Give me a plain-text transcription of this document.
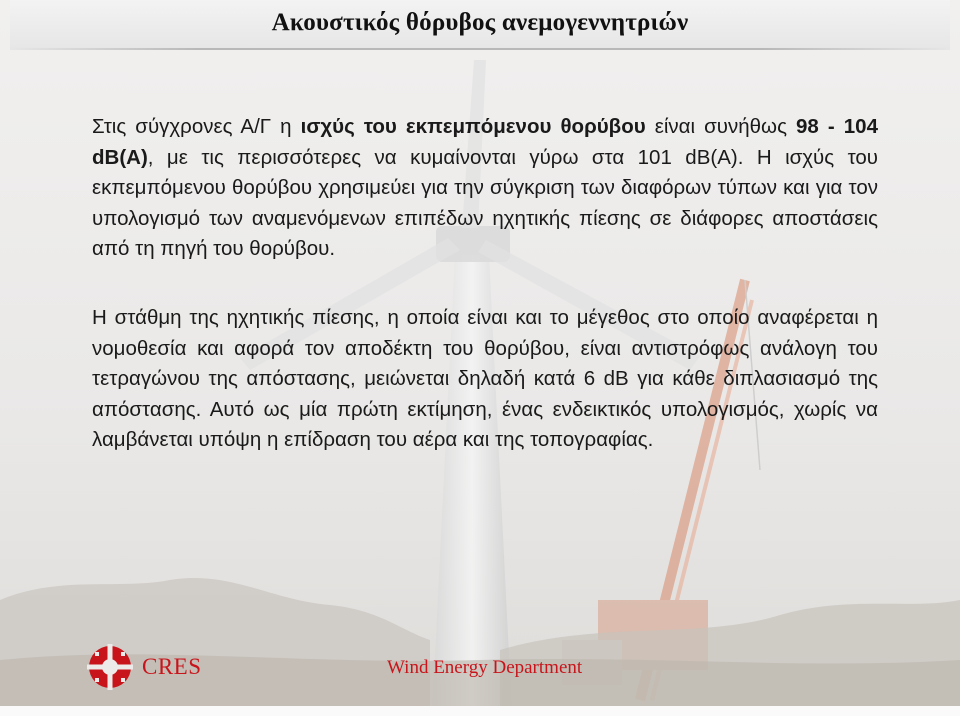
Ακουστικός θόρυβος ανεμογεννητριών

Στις σύγχρονες Α/Γ η ισχύς του εκπεμπόμενου θορύβου είναι συνήθως 98 - 104 dB(A), με τις περισσότερες να κυμαίνονται γύρω στα 101 dB(A). Η ισχύς του εκπεμπόμενου θορύβου χρησιμεύει για την σύγκριση των διαφόρων τύπων και για τον υπολογισμό των αναμενόμενων επιπέδων ηχητικής πίεσης σε διάφορες αποστάσεις από τη πηγή του θορύβου.

Η στάθμη της ηχητικής πίεσης, η οποία είναι και το μέγεθος στο οποίο αναφέρεται η νομοθεσία και αφορά τον αποδέκτη του θορύβου, είναι αντιστρόφως ανάλογη του τετραγώνου της απόστασης, μειώνεται δηλαδή κατά 6 dB για κάθε διπλασιασμό της απόστασης. Αυτό ως μία πρώτη εκτίμηση, ένας ενδεικτικός υπολογισμός, χωρίς να λαμβάνεται υπόψη η επίδραση του αέρα και της τοπογραφίας.

CRES	Wind Energy Department
